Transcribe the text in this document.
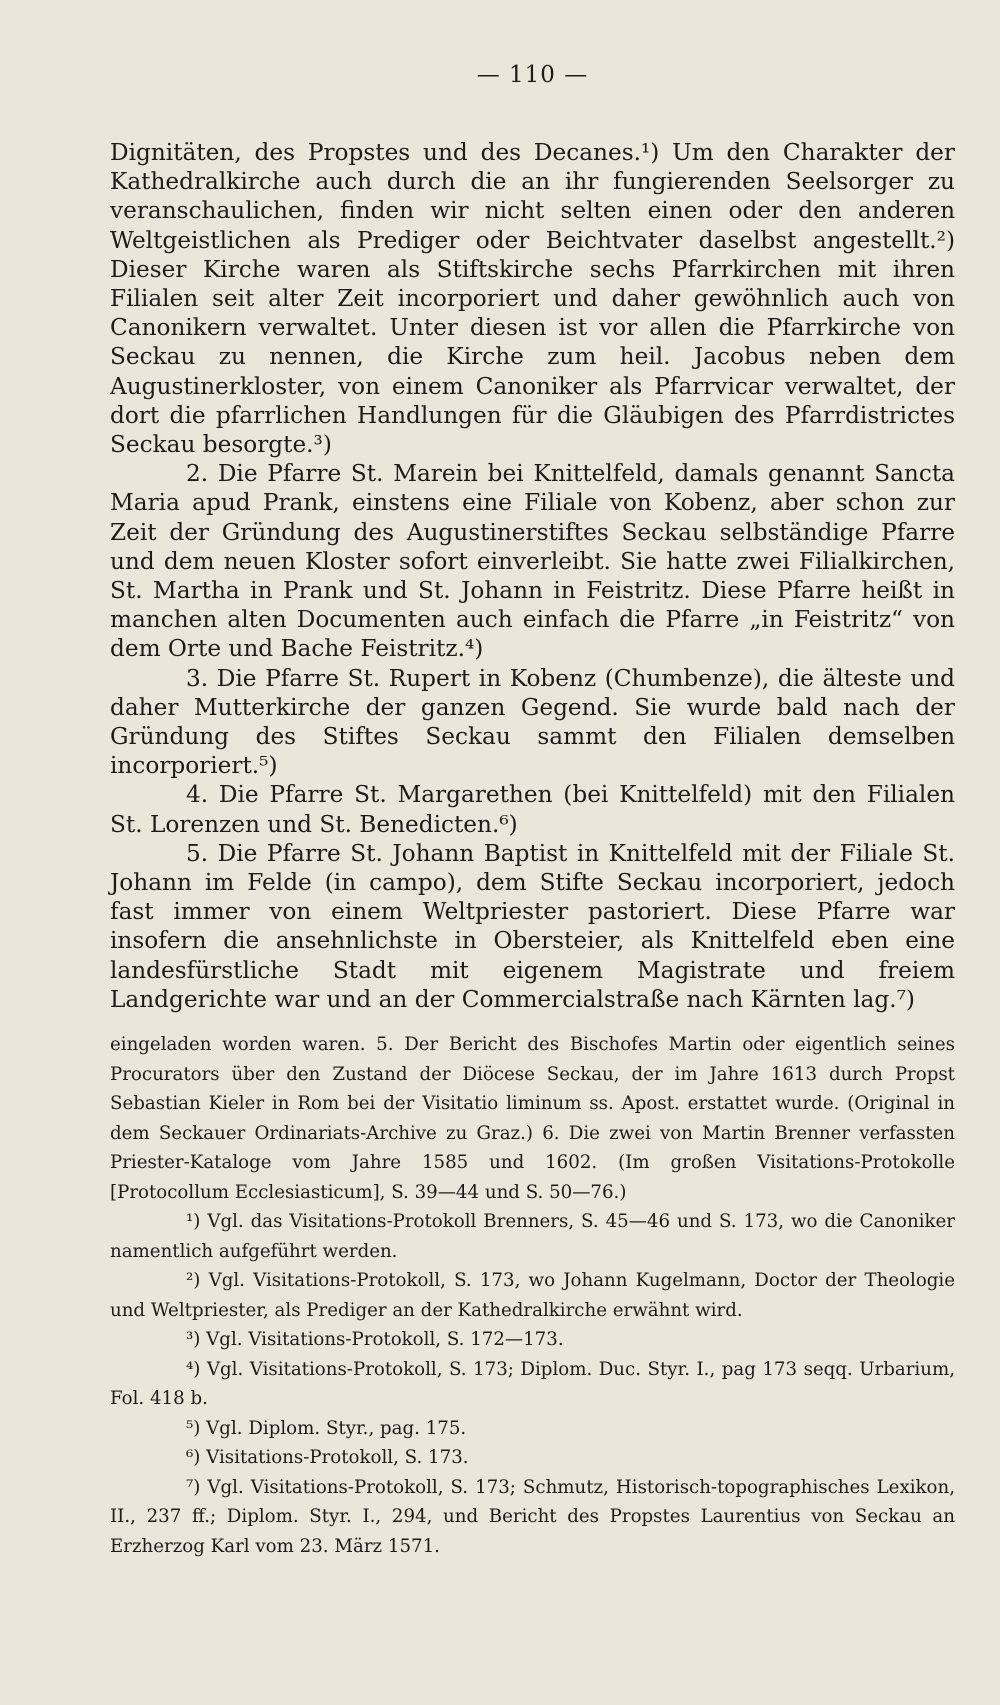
— 110 —

Dignitäten, des Propstes und des Decanes.¹) Um den Charakter der Kathedralkirche auch durch die an ihr fungierenden Seelsorger zu veranschaulichen, finden wir nicht selten einen oder den anderen Weltgeistlichen als Prediger oder Beichtvater daselbst angestellt.²) Dieser Kirche waren als Stiftskirche sechs Pfarrkirchen mit ihren Filialen seit alter Zeit incorporiert und daher gewöhnlich auch von Canonikern verwaltet. Unter diesen ist vor allen die Pfarrkirche von Seckau zu nennen, die Kirche zum heil. Jacobus neben dem Augustinerkloster, von einem Canoniker als Pfarrvicar verwaltet, der dort die pfarrlichen Handlungen für die Gläubigen des Pfarrdistrictes Seckau besorgte.³)

2. Die Pfarre St. Marein bei Knittelfeld, damals genannt Sancta Maria apud Prank, einstens eine Filiale von Kobenz, aber schon zur Zeit der Gründung des Augustinerstiftes Seckau selbständige Pfarre und dem neuen Kloster sofort einverleibt. Sie hatte zwei Filialkirchen, St. Martha in Prank und St. Johann in Feistritz. Diese Pfarre heißt in manchen alten Documenten auch einfach die Pfarre „in Feistritz“ von dem Orte und Bache Feistritz.⁴)

3. Die Pfarre St. Rupert in Kobenz (Chumbenze), die älteste und daher Mutterkirche der ganzen Gegend. Sie wurde bald nach der Gründung des Stiftes Seckau sammt den Filialen demselben incorporiert.⁵)

4. Die Pfarre St. Margarethen (bei Knittelfeld) mit den Filialen St. Lorenzen und St. Benedicten.⁶)

5. Die Pfarre St. Johann Baptist in Knittelfeld mit der Filiale St. Johann im Felde (in campo), dem Stifte Seckau incorporiert, jedoch fast immer von einem Weltpriester pastoriert. Diese Pfarre war insofern die ansehnlichste in Obersteier, als Knittelfeld eben eine landesfürstliche Stadt mit eigenem Magistrate und freiem Landgerichte war und an der Commercialstraße nach Kärnten lag.⁷)

eingeladen worden waren. 5. Der Bericht des Bischofes Martin oder eigentlich seines Procurators über den Zustand der Diöcese Seckau, der im Jahre 1613 durch Propst Sebastian Kieler in Rom bei der Visitatio liminum ss. Apost. erstattet wurde. (Original in dem Seckauer Ordinariats-Archive zu Graz.) 6. Die zwei von Martin Brenner verfassten Priester-Kataloge vom Jahre 1585 und 1602. (Im großen Visitations-Protokolle [Protocollum Ecclesiasticum], S. 39—44 und S. 50—76.)

¹) Vgl. das Visitations-Protokoll Brenners, S. 45—46 und S. 173, wo die Canoniker namentlich aufgeführt werden.

²) Vgl. Visitations-Protokoll, S. 173, wo Johann Kugelmann, Doctor der Theologie und Weltpriester, als Prediger an der Kathedralkirche erwähnt wird.

³) Vgl. Visitations-Protokoll, S. 172—173.

⁴) Vgl. Visitations-Protokoll, S. 173; Diplom. Duc. Styr. I., pag 173 seqq. Urbarium, Fol. 418 b.

⁵) Vgl. Diplom. Styr., pag. 175.

⁶) Visitations-Protokoll, S. 173.

⁷) Vgl. Visitations-Protokoll, S. 173; Schmutz, Historisch-topographisches Lexikon, II., 237 ff.; Diplom. Styr. I., 294, und Bericht des Propstes Laurentius von Seckau an Erzherzog Karl vom 23. März 1571.
